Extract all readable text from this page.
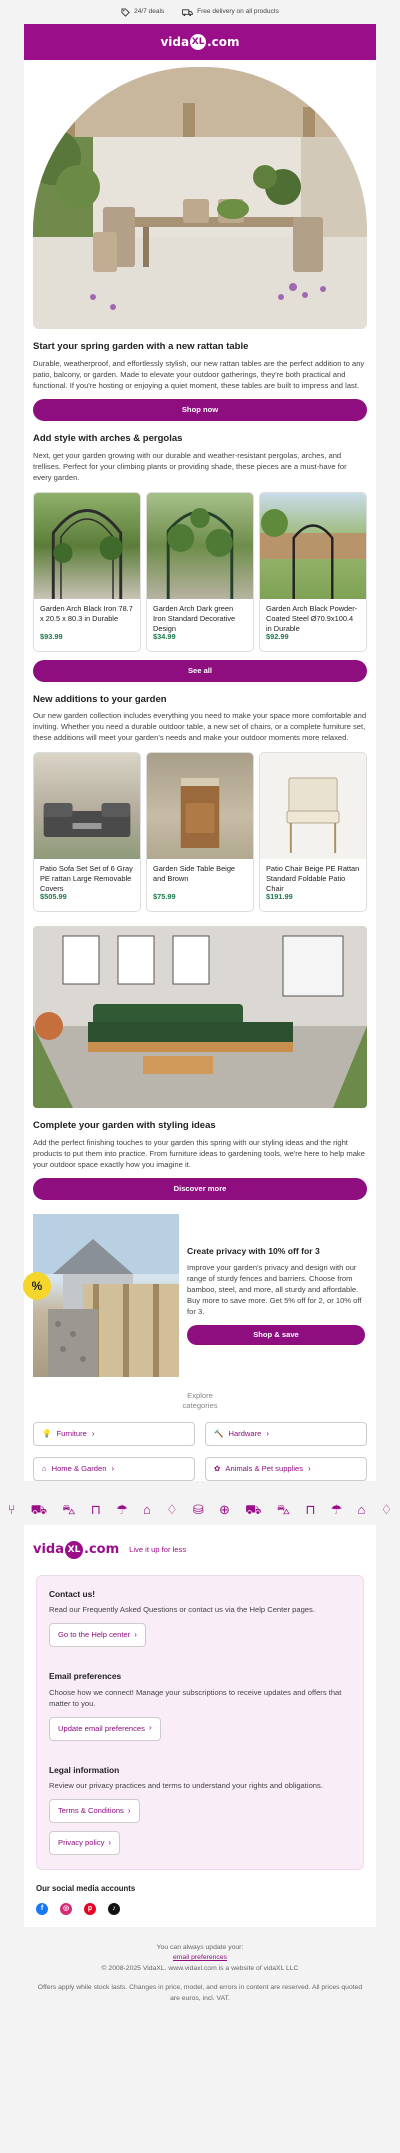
24/7 deals	Free delivery on all products
vida XL .com
Start your spring garden with a new rattan table

Durable, weatherproof, and effortlessly stylish, our new rattan tables are the perfect addition to any patio, balcony, or garden. Made to elevate your outdoor gatherings, they're both practical and functional. If you're hosting or enjoying a quiet moment, these tables are built to impress and last.

Shop now
Add style with arches & pergolas

Next, get your garden growing with our durable and weather-resistant pergolas, arches, and trellises. Perfect for your climbing plants or providing shade, these pieces are a must-have for every garden.

Garden Arch Black Iron 78.7 x 20.5 x 80.3 in Durable
$93.99
Garden Arch Dark green Iron Standard Decorative Design
$34.99
Garden Arch Black Powder-Coated Steel Ø70.9x100.4 in Durable
$92.99
See all
New additions to your garden

Our new garden collection includes everything you need to make your space more comfortable and inviting. Whether you need a durable outdoor table, a new set of chairs, or a complete furniture set, these additions will meet your garden's needs and make your outdoor moments more relaxed.

Patio Sofa Set Set of 6 Gray PE rattan Large Removable Covers
$505.99
Garden Side Table Beige and Brown
$75.99
Patio Chair Beige PE Rattan Standard Foldable Patio Chair
$191.99
Complete your garden with styling ideas

Add the perfect finishing touches to your garden this spring with our styling ideas and the right products to put them into practice. From furniture ideas to gardening tools, we're here to help make your outdoor space exactly how you imagine it.

Discover more
%
Create privacy with 10% off for 3

Improve your garden's privacy and design with our range of sturdy fences and barriers. Choose from bamboo, steel, and more, all sturdy and affordable. Buy more to save more. Get 5% off for 2, or 10% off for 3.

Shop & save
Explore
categories
💡 Furniture ›	🔨 Hardware ›
⌂ Home & Garden ›	✿ Animals & Pet supplies ›
⑂ ⛟ ⛍ ⊓ ☂ ⌂ ♢ ⛁ ⊕ ⛟ ⛍ ⊓ ☂ ⌂ ♢
vida XL .com Live it up for less
Contact us!

Read our Frequently Asked Questions or contact us via the Help Center pages.

Go to the Help center ›
Email preferences

Choose how we connect! Manage your subscriptions to receive updates and offers that matter to you.

Update email preferences ›
Legal information

Review our privacy practices and terms to understand your rights and obligations.

Terms & Conditions ›
Privacy policy ›
Our social media accounts
f	◎	p	♪
You can always update your:
email preferences
© 2008-2025 VidaXL. www.vidaxl.com is a website of vidaXL LLC
Offers apply while stock lasts. Changes in price, model, and errors in content are reserved. All prices quoted are euros, incl. VAT.
